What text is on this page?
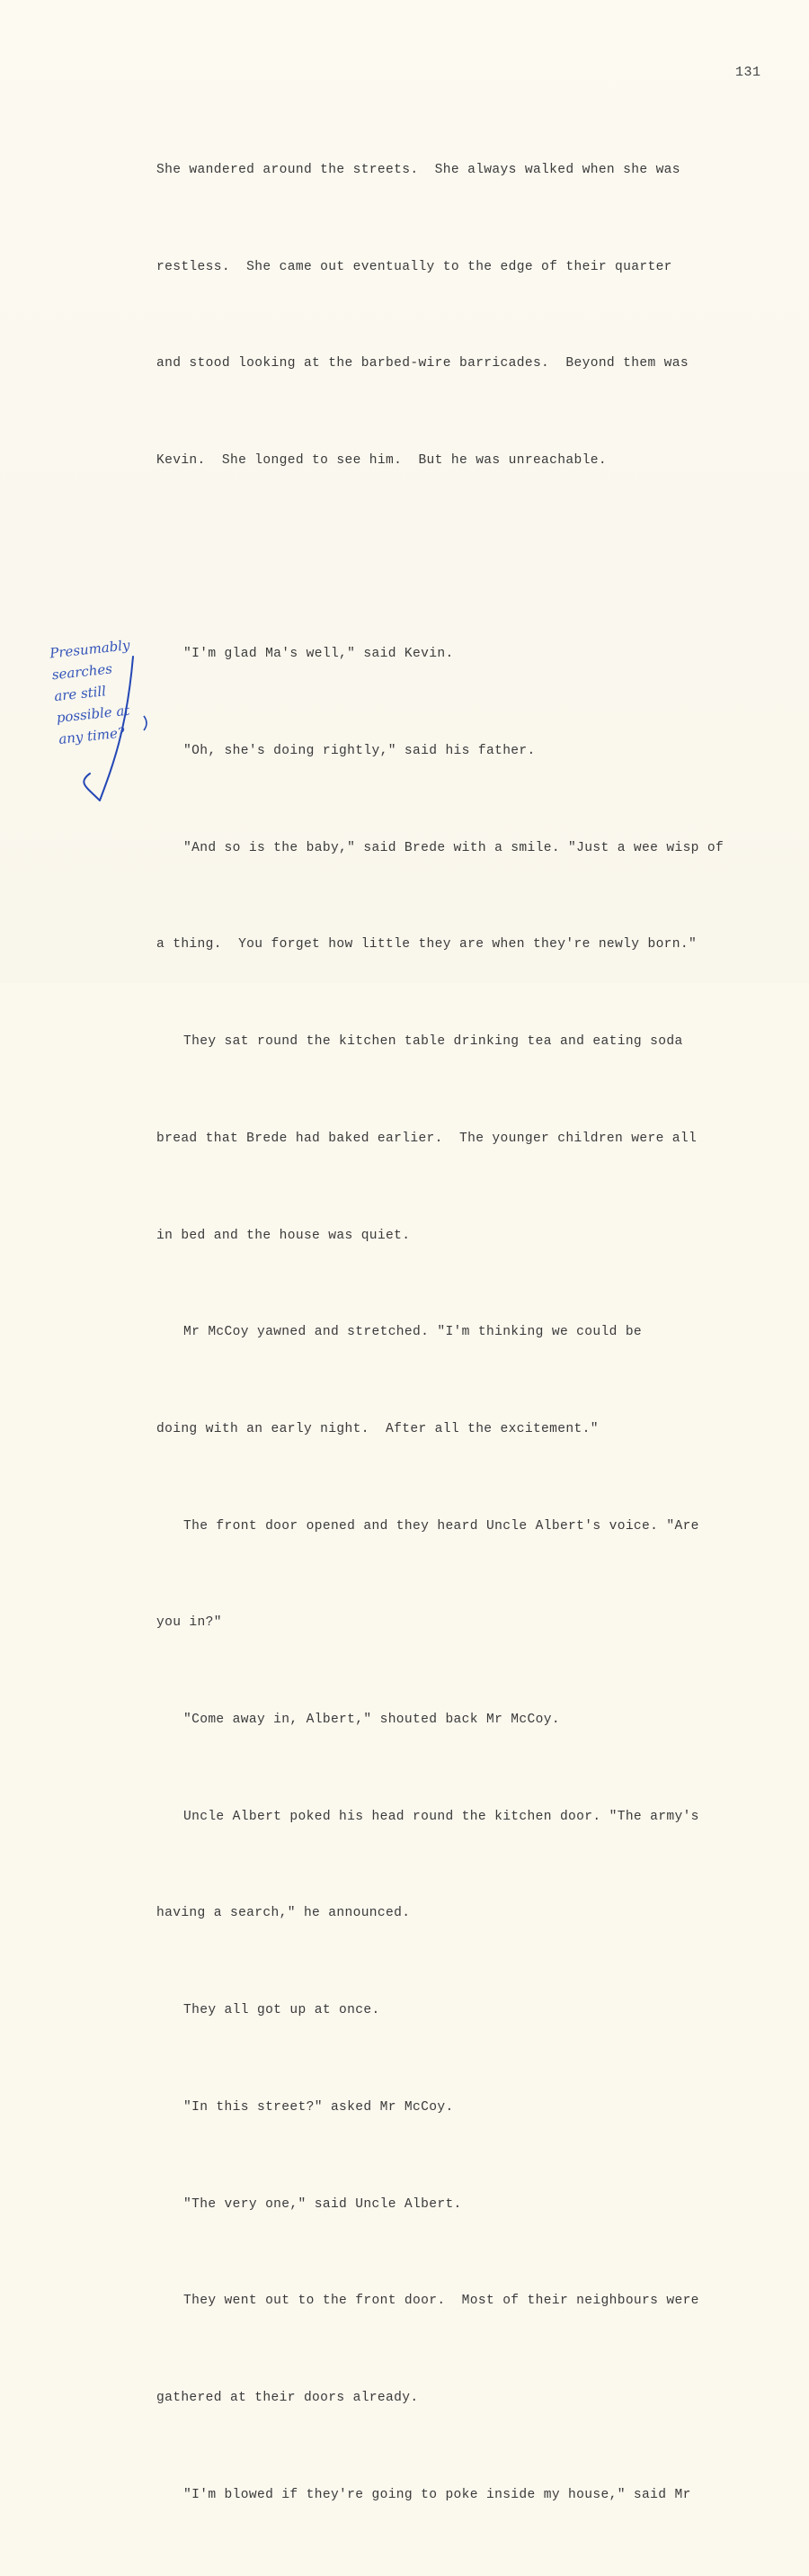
131

She wandered around the streets.  She always walked when she was

restless.  She came out eventually to the edge of their quarter

and stood looking at the barbed-wire barricades.  Beyond them was

Kevin.  She longed to see him.  But he was unreachable.

"I'm glad Ma's well," said Kevin.

"Oh, she's doing rightly," said his father.

"And so is the baby," said Brede with a smile. "Just a wee wisp of

a thing.  You forget how little they are when they're newly born."

They sat round the kitchen table drinking tea and eating soda

bread that Brede had baked earlier.  The younger children were all

in bed and the house was quiet.

Mr McCoy yawned and stretched. "I'm thinking we could be

doing with an early night.  After all the excitement."

The front door opened and they heard Uncle Albert's voice. "Are

you in?"

"Come away in, Albert," shouted back Mr McCoy.

Uncle Albert poked his head round the kitchen door. "The army's

having a search," he announced.

They all got up at once.

"In this street?" asked Mr McCoy.

"The very one," said Uncle Albert.

They went out to the front door.  Most of their neighbours were

gathered at their doors already.

"I'm blowed if they're going to poke inside my house," said Mr

Presumably
searches
are still
possible at
any time?
